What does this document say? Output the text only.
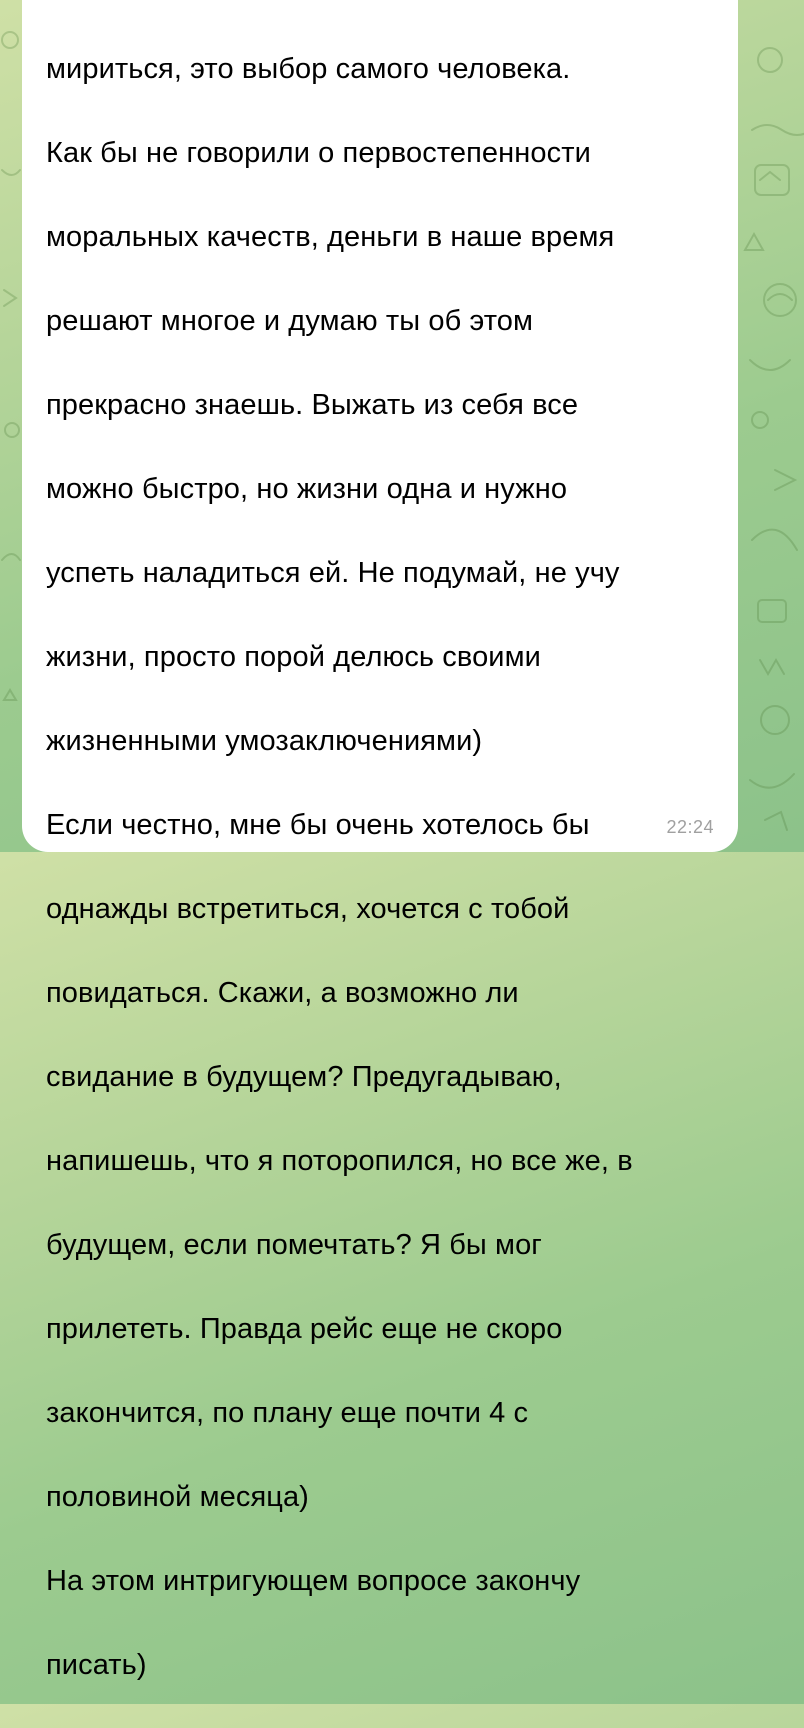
мириться, это выбор самого человека.

Как бы не говорили о первостепенности

моральных качеств, деньги в наше время

решают многое и думаю ты об этом

прекрасно знаешь. Выжать из себя все

можно быстро, но жизни одна и нужно

успеть наладиться ей. Не подумай, не учу

жизни, просто порой делюсь своими

жизненными умозаключениями)

Если честно, мне бы очень хотелось бы

однажды встретиться, хочется с тобой

повидаться. Скажи, а возможно ли

свидание в будущем? Предугадываю,

напишешь, что я поторопился, но все же, в

будущем, если помечтать? Я бы мог

прилететь. Правда рейс еще не скоро

закончится, по плану еще почти 4 с

половиной месяца)

На этом интригующем вопросе закончу

писать)

22:24
